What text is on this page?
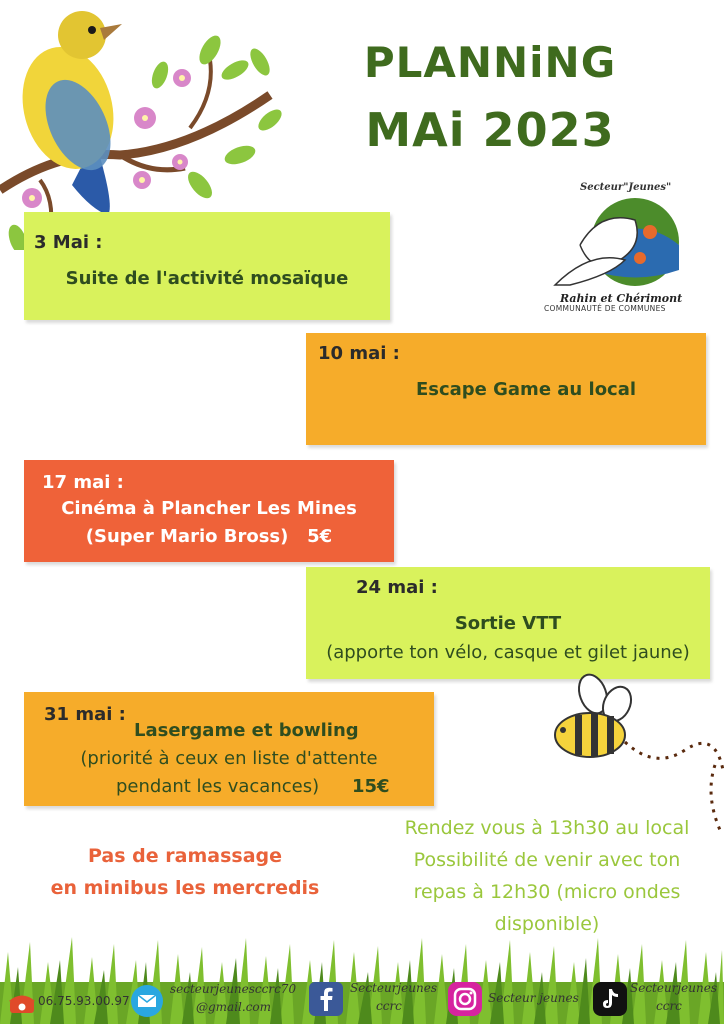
PLANNiNG
MAi 2023
Secteur"Jeunes"
Rahin et Chérimont
COMMUNAUTÉ DE COMMUNES
3 Mai :
Suite de l'activité mosaïque
10 mai :
Escape Game au local
17 mai :
Cinéma à Plancher Les Mines
(Super Mario Bross)   5€
24 mai :
Sortie VTT
(apporte ton vélo, casque et gilet jaune)
31 mai :
Lasergame et bowling
(priorité à ceux en liste d'attente
pendant les vacances)	15€
Pas de ramassage
en minibus les mercredis
Rendez vous à 13h30 au local
Possibilité de venir avec ton
repas à 12h30 (micro ondes
disponible)
06.75.93.00.97
secteurjeunesccrc70
@gmail.com
Secteurjeunes
ccrc
Secteur jeunes
Secteurjeunes
ccrc
